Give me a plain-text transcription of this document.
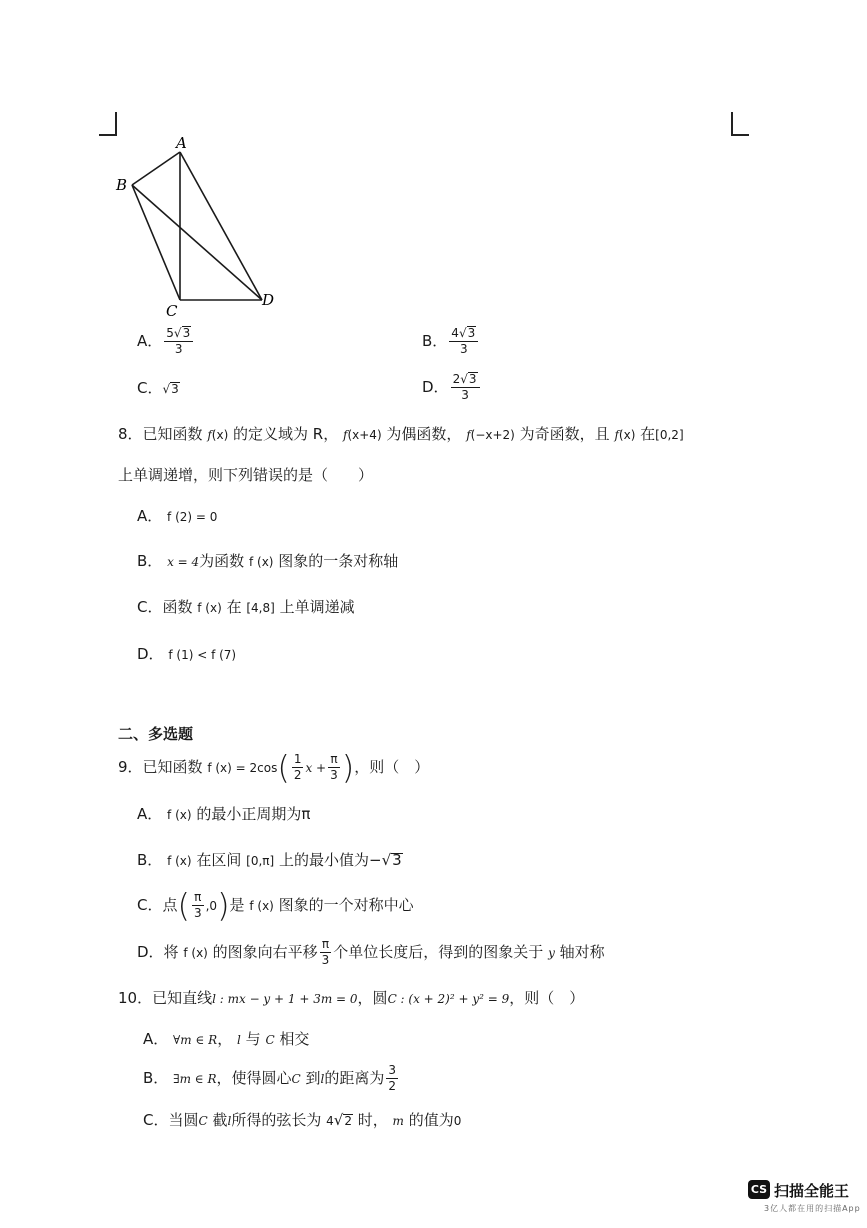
A
B
C
D
A． $\frac{5√3}{3}$	B． $\frac{4√3}{3}$
C．√3	D． $\frac{2√3}{3}$
8．已知函数 f(x) 的定义域为 R， f(x+4) 为偶函数， f(−x+2) 为奇函数，且 f(x) 在[0,2]
上单调递增，则下列错误的是（　　）
A． f (2) = 0
B． x = 4为函数 f (x) 图象的一条对称轴
C．函数 f (x) 在 [4,8] 上单调递减
D． f (1) < f (7)
二、多选题
9．已知函数 f $(x) = 2\cos( \frac{1}{2}$ $x + \frac{\pi}{3}$ )，则（　）
A． f (x) 的最小正周期为π
B． f (x) 在区间 [0,π] 上的最小值为−√3
C．点( $\frac{\pi}{3} ,0$)是 f (x) 图象的一个对称中心
D．将 f (x) 的图象向右平移 $\frac{\pi}{3}$ 个单位长度后，得到的图象关于 y 轴对称
10．已知直线l : mx − y + 1 + 3m = 0，圆C : (x + 2)² + y² = 9，则（　）
A． ∀m ∈ R， l 与 C 相交
B． ∃m ∈ R，使得圆心C 到l的距离为 $\frac{3}{2}$
C．当圆C 截l所得的弦长为 4√2 时， m 的值为0
CS 扫描全能王
3亿人都在用的扫描App
